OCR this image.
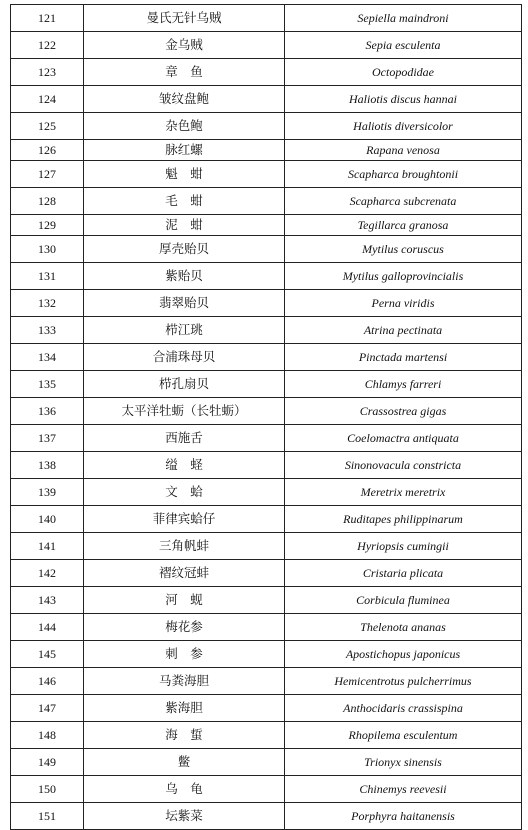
121	曼氏无针乌贼	Sepiella maindroni
122	金乌贼	Sepia esculenta
123	章　鱼	Octopodidae
124	皱纹盘鲍	Haliotis discus hannai
125	杂色鲍	Haliotis diversicolor
126	脉红螺	Rapana venosa
127	魁　蚶	Scapharca broughtonii
128	毛　蚶	Scapharca subcrenata
129	泥　蚶	Tegillarca granosa
130	厚壳贻贝	Mytilus coruscus
131	紫贻贝	Mytilus galloprovincialis
132	翡翠贻贝	Perna viridis
133	栉江珧	Atrina pectinata
134	合浦珠母贝	Pinctada martensi
135	栉孔扇贝	Chlamys farreri
136	太平洋牡蛎（长牡蛎）	Crassostrea gigas
137	西施舌	Coelomactra antiquata
138	缢　蛏	Sinonovacula constricta
139	文　蛤	Meretrix meretrix
140	菲律宾蛤仔	Ruditapes philippinarum
141	三角帆蚌	Hyriopsis cumingii
142	褶纹冠蚌	Cristaria plicata
143	河　蚬	Corbicula fluminea
144	梅花参	Thelenota ananas
145	刺　参	Apostichopus japonicus
146	马粪海胆	Hemicentrotus pulcherrimus
147	紫海胆	Anthocidaris crassispina
148	海　蜇	Rhopilema esculentum
149	鳖	Trionyx sinensis
150	乌　龟	Chinemys reevesii
151	坛紫菜	Porphyra haitanensis
